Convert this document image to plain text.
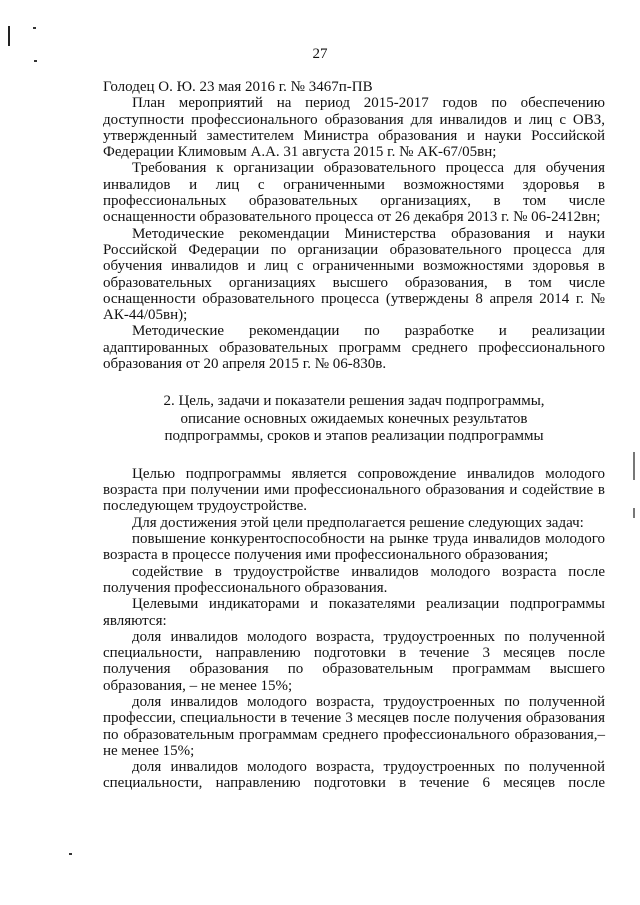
27

Голодец О. Ю. 23 мая 2016 г. № 3467п-ПВ

План мероприятий на период 2015-2017 годов по обеспечению доступности профессионального образования для инвалидов и лиц с ОВЗ, утвержденный заместителем Министра образования и науки Российской Федерации Климовым А.А. 31 августа 2015 г. № АК-67/05вн;

Требования к организации образовательного процесса для обучения инвалидов и лиц с ограниченными возможностями здоровья в профессиональных образовательных организациях, в том числе оснащенности образовательного процесса от 26 декабря 2013 г. № 06-2412вн;

Методические рекомендации Министерства образования и науки Российской Федерации по организации образовательного процесса для обучения инвалидов и лиц с ограниченными возможностями здоровья в образовательных организациях высшего образования, в том числе оснащенности образовательного процесса (утверждены 8 апреля 2014 г. № АК-44/05вн);

Методические рекомендации по разработке и реализации адаптированных образовательных программ среднего профессионального образования от 20 апреля 2015 г. № 06-830в.

2. Цель, задачи и показатели решения задач подпрограммы,
описание основных ожидаемых конечных результатов
подпрограммы, сроков и этапов реализации подпрограммы

Целью подпрограммы является сопровождение инвалидов молодого возраста при получении ими профессионального образования и содействие в последующем трудоустройстве.

Для достижения этой цели предполагается решение следующих задач:

повышение конкурентоспособности на рынке труда инвалидов молодого возраста в процессе получения ими профессионального образования;

содействие в трудоустройстве инвалидов молодого возраста после получения профессионального образования.

Целевыми индикаторами и показателями реализации подпрограммы являются:

доля инвалидов молодого возраста, трудоустроенных по полученной специальности, направлению подготовки в течение 3 месяцев после получения образования по образовательным программам высшего образования, – не менее 15%;

доля инвалидов молодого возраста, трудоустроенных по полученной профессии, специальности в течение 3 месяцев после получения образования по образовательным программам среднего профессионального образования,– не менее 15%;

доля инвалидов молодого возраста, трудоустроенных по полученной специальности, направлению подготовки в течение 6 месяцев после
